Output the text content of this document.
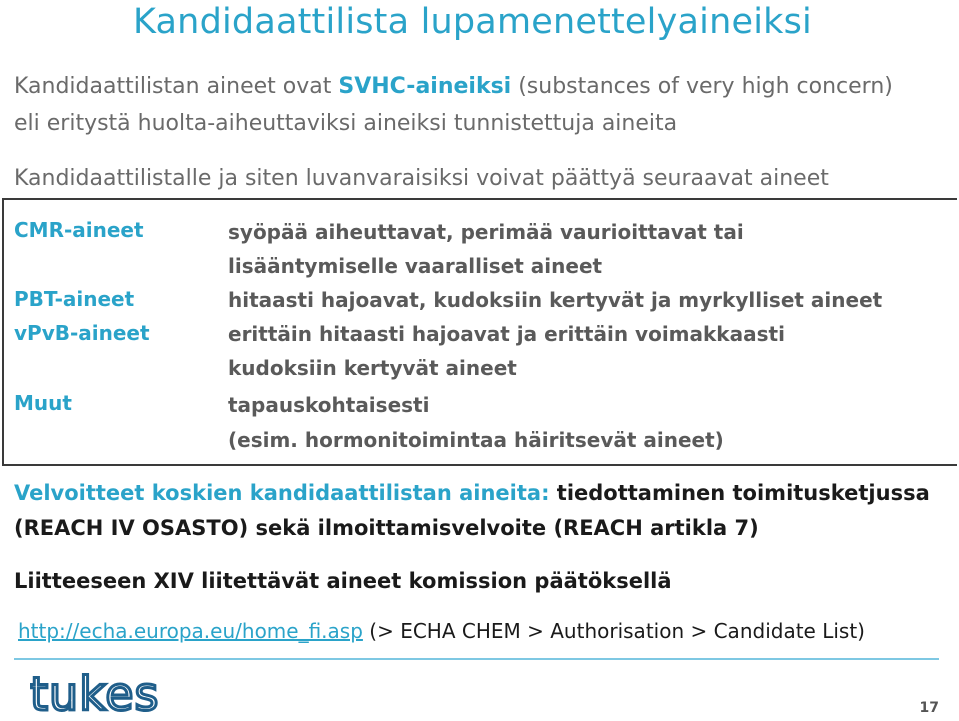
Kandidaattilista lupamenettelyaineiksi
Kandidaattilistan aineet ovat SVHC-aineiksi (substances of very high concern)
eli eritystä huolta-aiheuttaviksi aineiksi tunnistettuja aineita
Kandidaattilistalle ja siten luvanvaraisiksi voivat päättyä seuraavat aineet
CMR-aineet	syöpää aiheuttavat, perimää vaurioittavat tai
lisääntymiselle vaaralliset aineet
PBT-aineet	hitaasti hajoavat, kudoksiin kertyvät ja myrkylliset aineet
vPvB-aineet	erittäin hitaasti hajoavat ja erittäin voimakkaasti
kudoksiin kertyvät aineet
Muut	tapauskohtaisesti
(esim. hormonitoimintaa häiritsevät aineet)
Velvoitteet koskien kandidaattilistan aineita: tiedottaminen toimitusketjussa
(REACH IV OSASTO) sekä ilmoittamisvelvoite (REACH artikla 7)
Liitteeseen XIV liitettävät aineet komission päätöksellä
http://echa.europa.eu/home_fi.asp (> ECHA CHEM > Authorisation > Candidate List)
tukes	17
